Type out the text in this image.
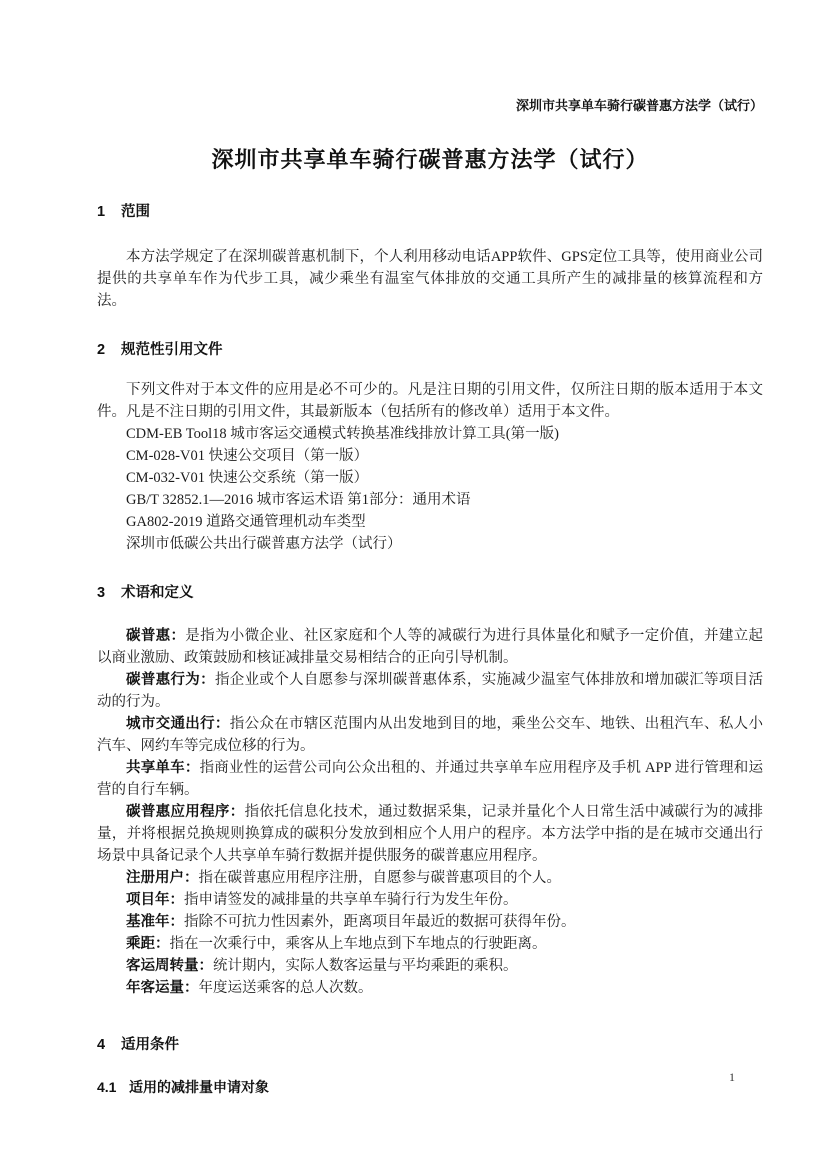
深圳市共享单车骑行碳普惠方法学（试行）
深圳市共享单车骑行碳普惠方法学（试行）
1 范围

本方法学规定了在深圳碳普惠机制下，个人利用移动电话APP软件、GPS定位工具等，使用商业公司提供的共享单车作为代步工具，减少乘坐有温室气体排放的交通工具所产生的减排量的核算流程和方法。

2 规范性引用文件

下列文件对于本文件的应用是必不可少的。凡是注日期的引用文件，仅所注日期的版本适用于本文件。凡是不注日期的引用文件，其最新版本（包括所有的修改单）适用于本文件。

CDM-EB Tool18 城市客运交通模式转换基准线排放计算工具(第一版)
CM-028-V01 快速公交项目（第一版）
CM-032-V01 快速公交系统（第一版）
GB/T 32852.1—2016 城市客运术语 第1部分：通用术语
GA802-2019 道路交通管理机动车类型
深圳市低碳公共出行碳普惠方法学（试行）
3 术语和定义

碳普惠：是指为小微企业、社区家庭和个人等的减碳行为进行具体量化和赋予一定价值，并建立起以商业激励、政策鼓励和核证减排量交易相结合的正向引导机制。

碳普惠行为：指企业或个人自愿参与深圳碳普惠体系，实施减少温室气体排放和增加碳汇等项目活动的行为。

城市交通出行：指公众在市辖区范围内从出发地到目的地，乘坐公交车、地铁、出租汽车、私人小汽车、网约车等完成位移的行为。

共享单车：指商业性的运营公司向公众出租的、并通过共享单车应用程序及手机 APP 进行管理和运营的自行车辆。

碳普惠应用程序：指依托信息化技术，通过数据采集，记录并量化个人日常生活中减碳行为的减排量，并将根据兑换规则换算成的碳积分发放到相应个人用户的程序。本方法学中指的是在城市交通出行场景中具备记录个人共享单车骑行数据并提供服务的碳普惠应用程序。

注册用户：指在碳普惠应用程序注册，自愿参与碳普惠项目的个人。

项目年：指申请签发的减排量的共享单车骑行行为发生年份。

基准年：指除不可抗力性因素外，距离项目年最近的数据可获得年份。

乘距：指在一次乘行中，乘客从上车地点到下车地点的行驶距离。

客运周转量：统计期内，实际人数客运量与平均乘距的乘积。

年客运量：年度运送乘客的总人次数。

4 适用条件
4.1 适用的减排量申请对象
1
